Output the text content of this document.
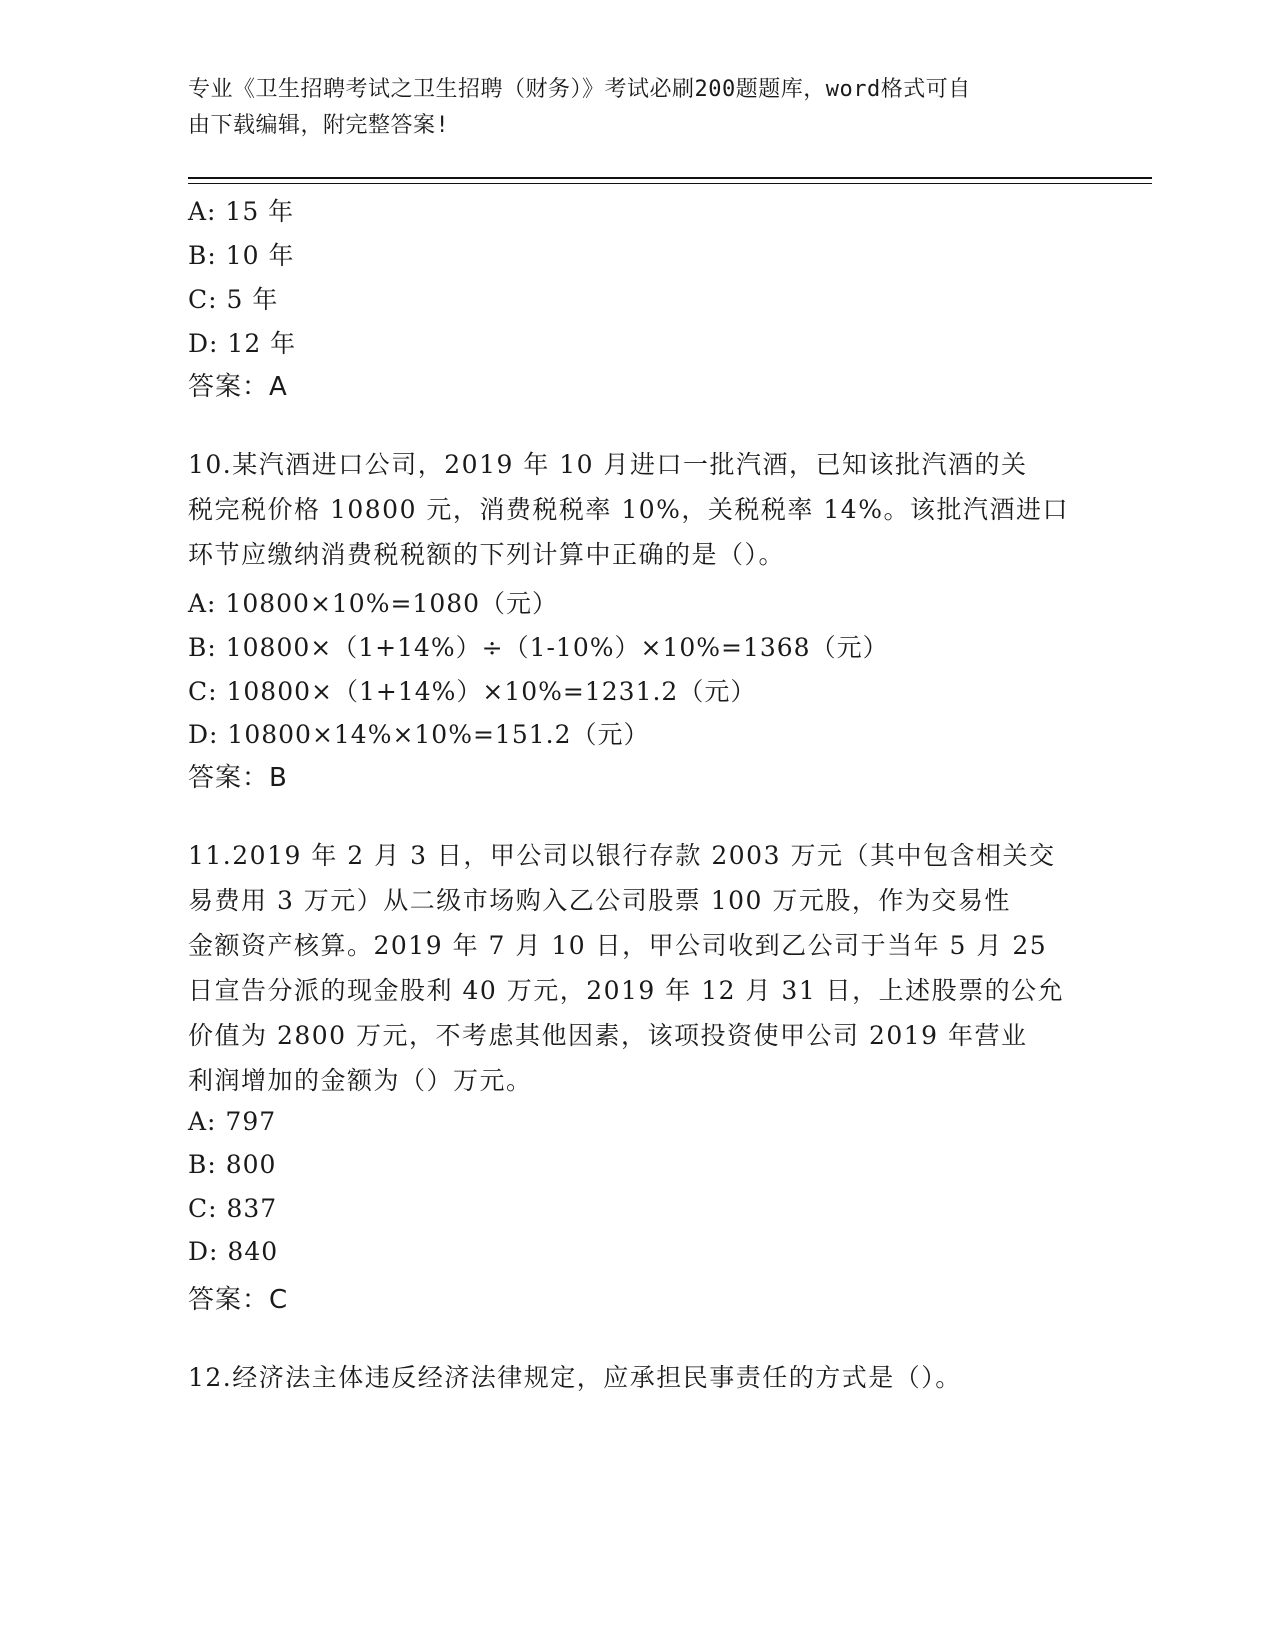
专业《卫生招聘考试之卫生招聘（财务）》考试必刷200题题库，word格式可自
由下载编辑，附完整答案!
A: 15 年
B: 10 年
C: 5 年
D: 12 年
答案：A
10.某汽酒进口公司，2019 年 10 月进口一批汽酒，已知该批汽酒的关
税完税价格 10800 元，消费税税率 10%，关税税率 14%。该批汽酒进口
环节应缴纳消费税税额的下列计算中正确的是（）。
A: 10800×10%=1080（元）
B: 10800×（1+14%）÷（1-10%）×10%=1368（元）
C: 10800×（1+14%）×10%=1231.2（元）
D: 10800×14%×10%=151.2（元）
答案：B
11.2019 年 2 月 3 日，甲公司以银行存款 2003 万元（其中包含相关交
易费用 3 万元）从二级市场购入乙公司股票 100 万元股，作为交易性
金额资产核算。2019 年 7 月 10 日，甲公司收到乙公司于当年 5 月 25
日宣告分派的现金股利 40 万元，2019 年 12 月 31 日，上述股票的公允
价值为 2800 万元，不考虑其他因素，该项投资使甲公司 2019 年营业
利润增加的金额为（）万元。
A: 797
B: 800
C: 837
D: 840
答案：C
12.经济法主体违反经济法律规定，应承担民事责任的方式是（）。
